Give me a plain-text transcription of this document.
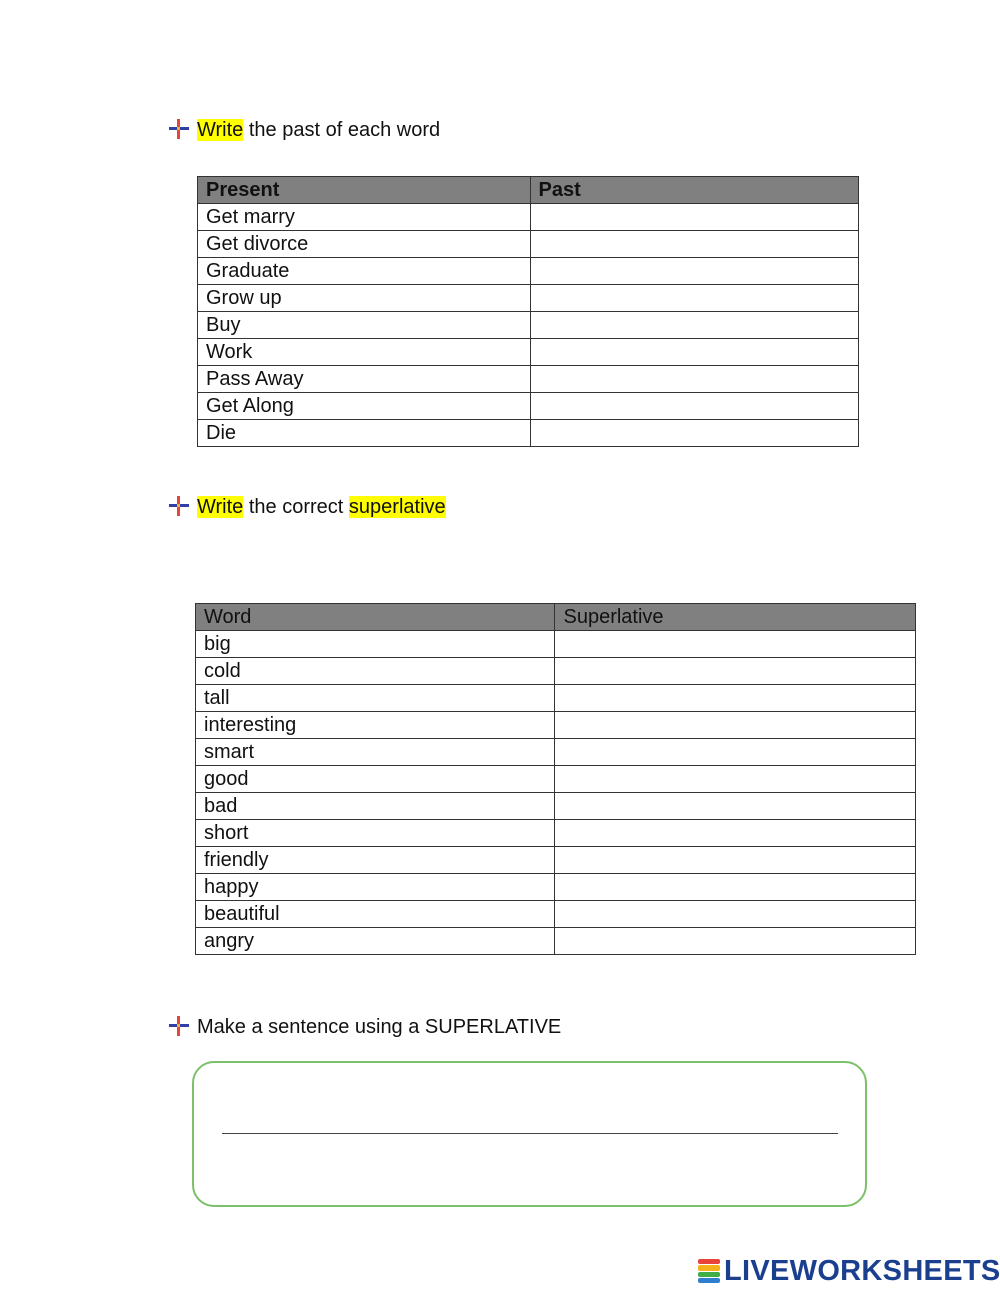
Write the past of each word
Present	Past
Get marry	
Get divorce	
Graduate	
Grow up	
Buy	
Work	
Pass Away	
Get Along	
Die	
Write the correct superlative
Word	Superlative
big	
cold	
tall	
interesting	
smart	
good	
bad	
short	
friendly	
happy	
beautiful	
angry	
Make a sentence using a SUPERLATIVE
LIVEWORKSHEETS
